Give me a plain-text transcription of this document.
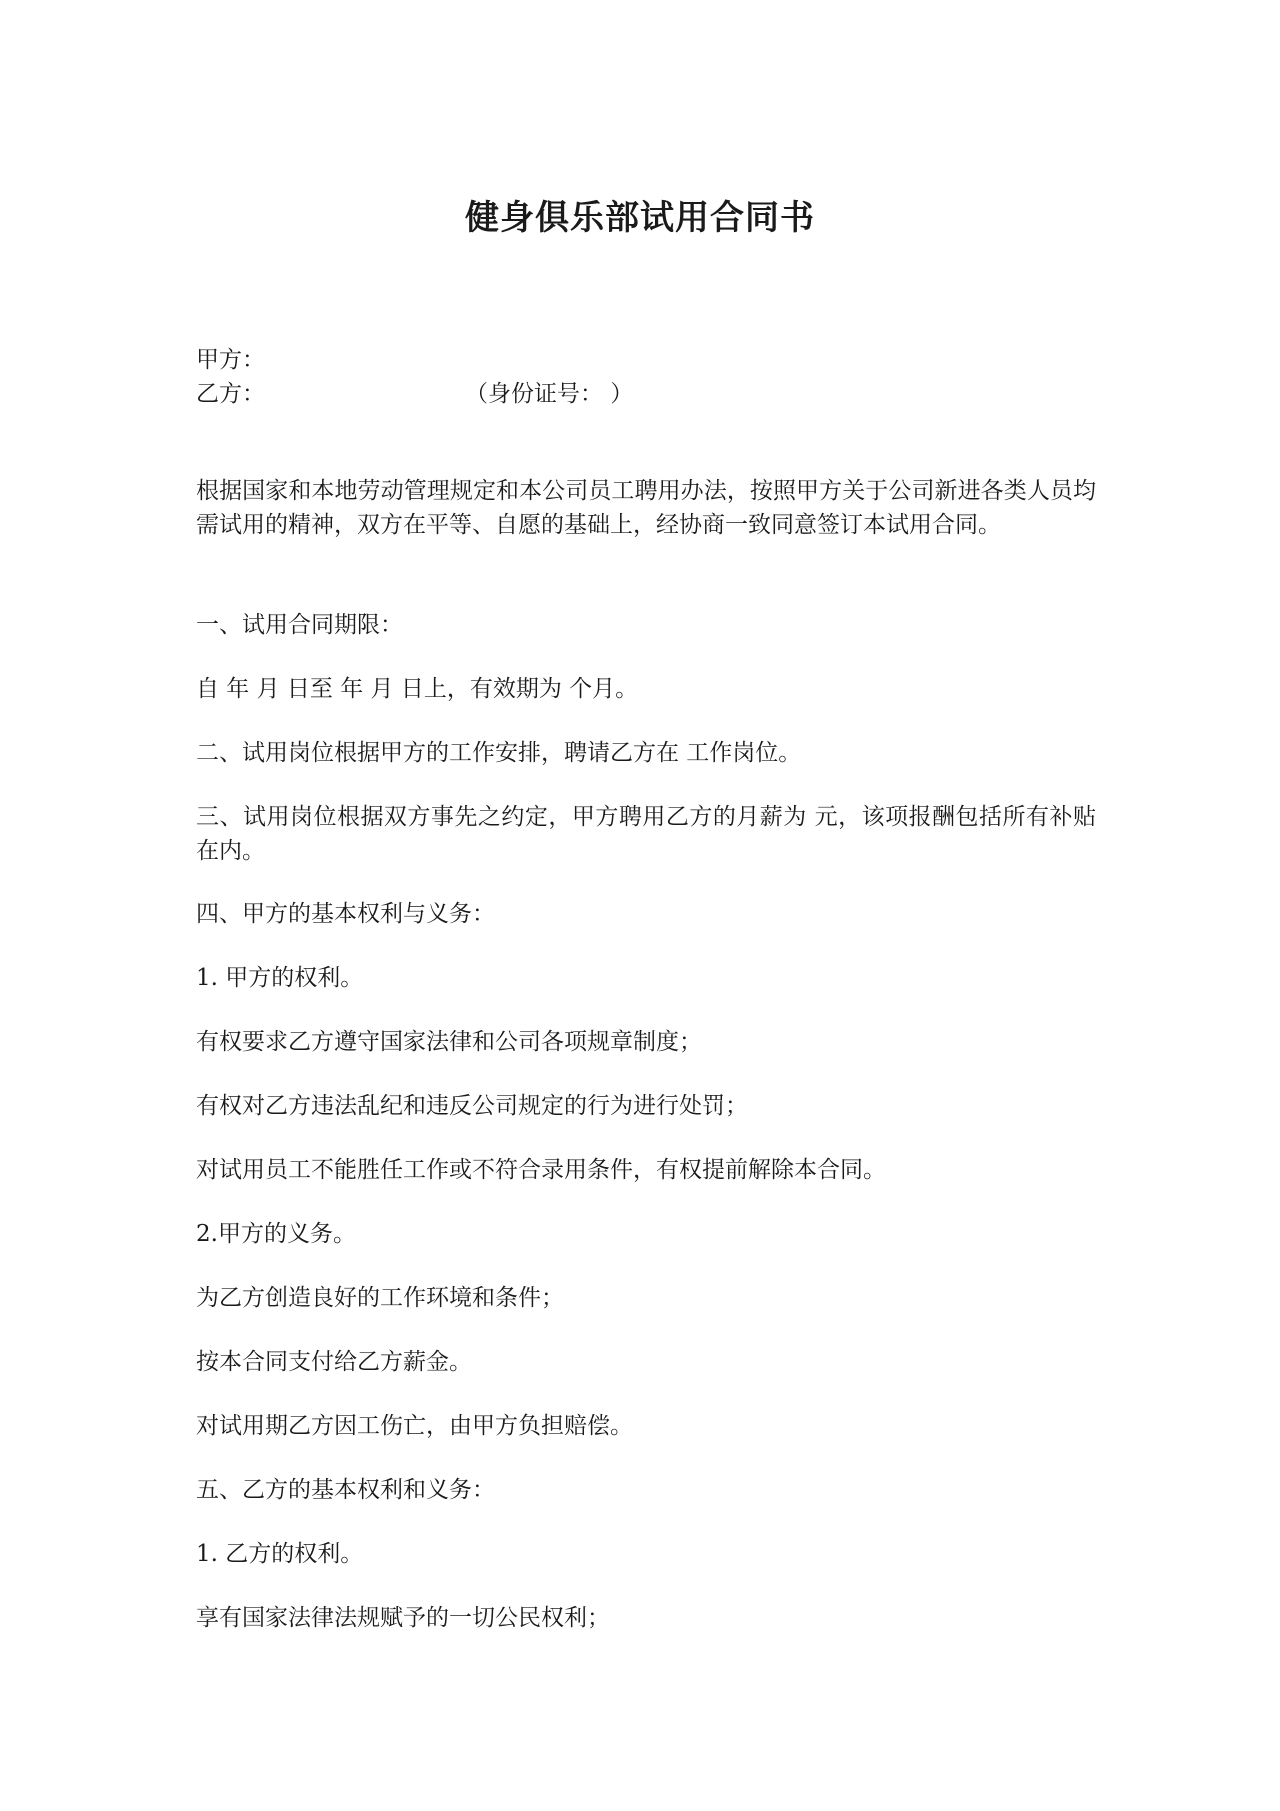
健身俱乐部试用合同书
甲方：
乙方：	（身份证号： ）
根据国家和本地劳动管理规定和本公司员工聘用办法，按照甲方关于公司新进各类人员均需试用的精神，双方在平等、自愿的基础上，经协商一致同意签订本试用合同。
一、试用合同期限：
自 年 月 日至 年 月 日上，有效期为 个月。
二、试用岗位根据甲方的工作安排，聘请乙方在 工作岗位。
三、试用岗位根据双方事先之约定，甲方聘用乙方的月薪为 元，该项报酬包括所有补贴在内。
四、甲方的基本权利与义务：
1. 甲方的权利。
有权要求乙方遵守国家法律和公司各项规章制度；
有权对乙方违法乱纪和违反公司规定的行为进行处罚；
对试用员工不能胜任工作或不符合录用条件，有权提前解除本合同。
2.甲方的义务。
为乙方创造良好的工作环境和条件；
按本合同支付给乙方薪金。
对试用期乙方因工伤亡，由甲方负担赔偿。
五、乙方的基本权利和义务：
1. 乙方的权利。
享有国家法律法规赋予的一切公民权利；
